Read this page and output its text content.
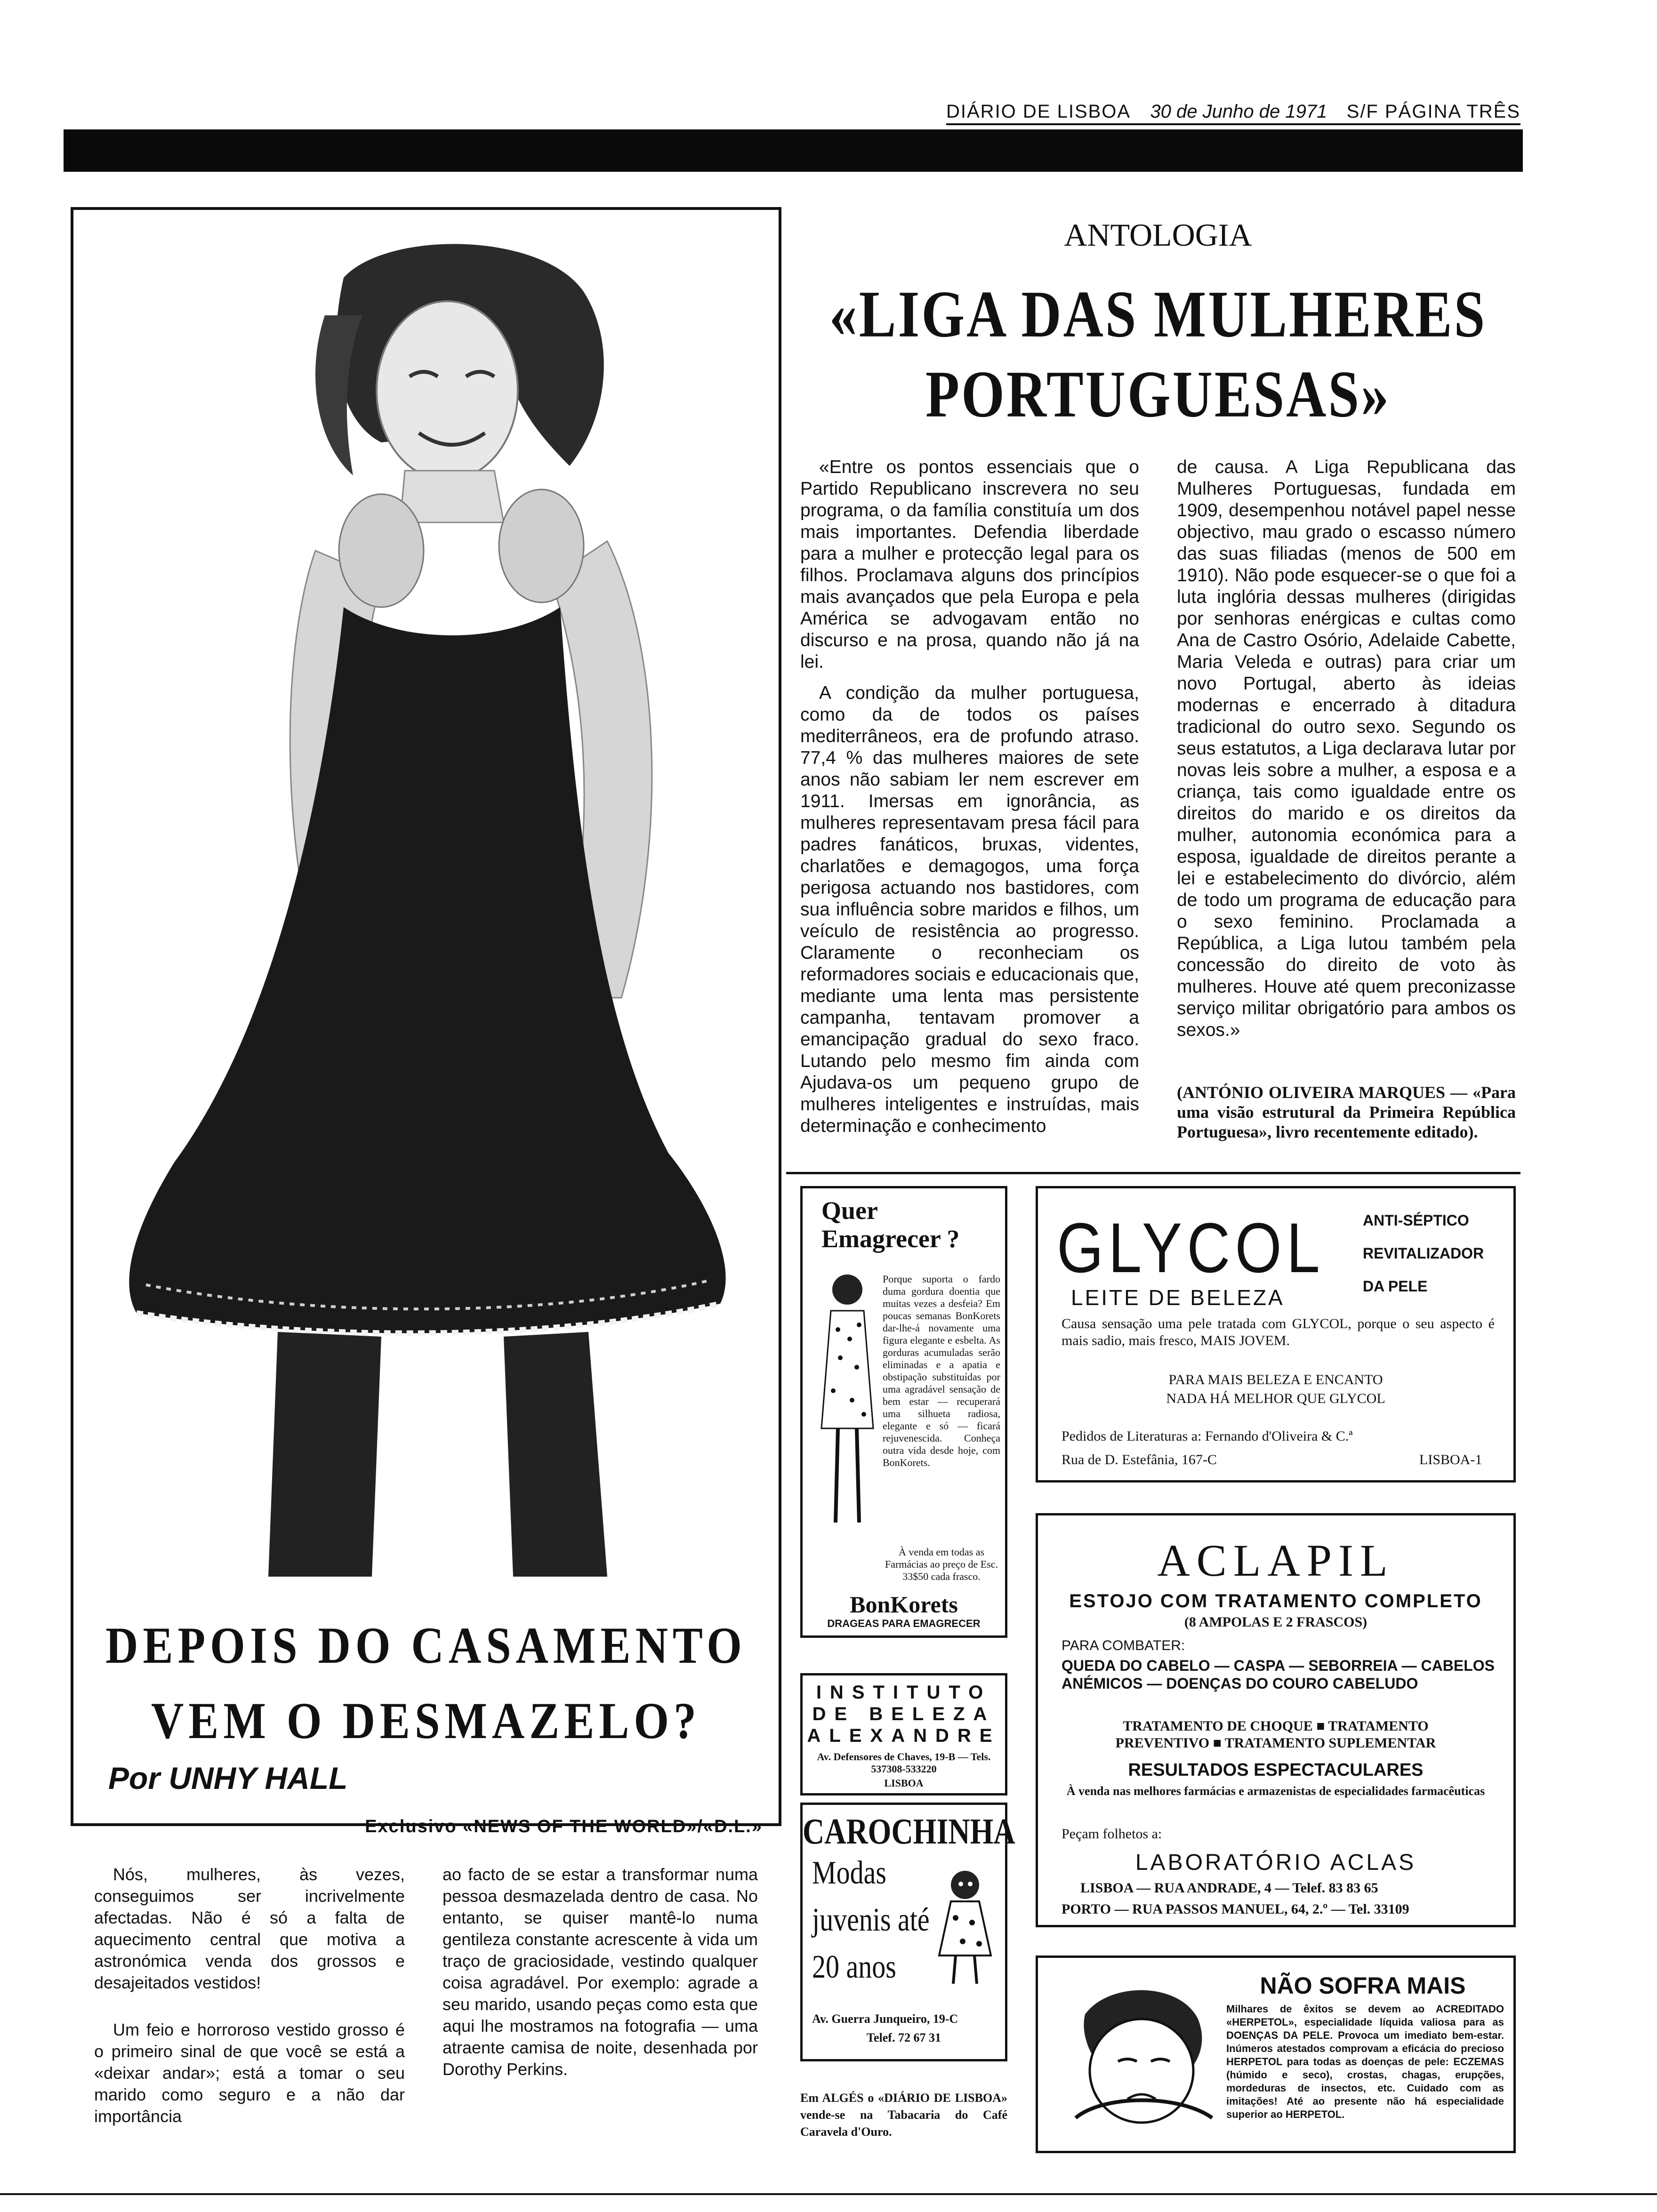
DIÁRIO DE LISBOA 30 de Junho de 1971 S/F PÁGINA TRÊS
DEPOIS DO CASAMENTO
VEM O DESMAZELO?
Por UNHY HALL
Exclusivo «NEWS OF THE WORLD»/«D.L.»
Nós, mulheres, às vezes, conseguimos ser incrivelmente afectadas. Não é só a falta de aquecimento central que motiva a astronómica venda dos grossos e desajeitados vestidos!
Um feio e horroroso vestido grosso é o primeiro sinal de que você se está a «deixar andar»; está a tomar o seu marido como seguro e a não dar importância
ao facto de se estar a transformar numa pessoa desmazelada dentro de casa. No entanto, se quiser mantê-lo numa gentileza constante acrescente à vida um traço de graciosidade, vestindo qualquer coisa agradável. Por exemplo: agrade a seu marido, usando peças como esta que aqui lhe mostramos na fotografia — uma atraente camisa de noite, desenhada por Dorothy Perkins.
ANTOLOGIA
«LIGA DAS MULHERES
PORTUGUESAS»
«Entre os pontos essenciais que o Partido Republicano inscrevera no seu programa, o da família constituía um dos mais importantes. Defendia liberdade para a mulher e protecção legal para os filhos. Proclamava alguns dos princípios mais avançados que pela Europa e pela América se advogavam então no discurso e na prosa, quando não já na lei.
A condição da mulher portuguesa, como da de todos os países mediterrâneos, era de profundo atraso. 77,4 % das mulheres maiores de sete anos não sabiam ler nem escrever em 1911. Imersas em ignorância, as mulheres representavam presa fácil para padres fanáticos, bruxas, videntes, charlatões e demagogos, uma força perigosa actuando nos bastidores, com sua influência sobre maridos e filhos, um veículo de resistência ao progresso. Claramente o reconheciam os reformadores sociais e educacionais que, mediante uma lenta mas persistente campanha, tentavam promover a emancipação gradual do sexo fraco. Lutando pelo mesmo fim ainda com Ajudava-os um pequeno grupo de mulheres inteligentes e instruídas, mais determinação e conhecimento
de causa. A Liga Republicana das Mulheres Portuguesas, fundada em 1909, desempenhou notável papel nesse objectivo, mau grado o escasso número das suas filiadas (menos de 500 em 1910). Não pode esquecer-se o que foi a luta inglória dessas mulheres (dirigidas por senhoras enérgicas e cultas como Ana de Castro Osório, Adelaide Cabette, Maria Veleda e outras) para criar um novo Portugal, aberto às ideias modernas e encerrado à ditadura tradicional do outro sexo. Segundo os seus estatutos, a Liga declarava lutar por novas leis sobre a mulher, a esposa e a criança, tais como igualdade entre os direitos do marido e os direitos da mulher, autonomia económica para a esposa, igualdade de direitos perante a lei e estabelecimento do divórcio, além de todo um programa de educação para o sexo feminino. Proclamada a República, a Liga lutou também pela concessão do direito de voto às mulheres. Houve até quem preconizasse serviço militar obrigatório para ambos os sexos.»
(ANTÓNIO OLIVEIRA MARQUES — «Para uma visão estrutural da Primeira República Portuguesa», livro recentemente editado).
Quer
Emagrecer ?
Porque suporta o fardo duma gordura doentia que muitas vezes a desfeia? Em poucas semanas BonKorets dar-lhe-á novamente uma figura elegante e esbelta. As gorduras acumuladas serão eliminadas e a apatia e obstipação substituídas por uma agradável sensação de bem estar — recuperará uma silhueta radiosa, elegante e só — ficará rejuvenescida. Conheça outra vida desde hoje, com BonKorets.
À venda em todas as Farmácias ao preço de Esc. 33$50 cada frasco.
BonKorets
DRAGEAS PARA EMAGRECER
INSTITUTO
DE BELEZA
ALEXANDRE
Av. Defensores de Chaves, 19-B — Tels. 537308-533220
LISBOA
CAROCHINHA
Modas
juvenis até
20 anos
Av. Guerra Junqueiro, 19-C
Telef. 72 67 31
Em ALGÉS o «DIÁRIO DE LISBOA» vende-se na Tabacaria do Café Caravela d'Ouro.
GLYCOL
LEITE DE BELEZA
ANTI-SÉPTICO
REVITALIZADOR
DA PELE
Causa sensação uma pele tratada com GLYCOL, porque o seu aspecto é mais sadio, mais fresco, MAIS JOVEM.
PARA MAIS BELEZA E ENCANTO
NADA HÁ MELHOR QUE GLYCOL
Pedidos de Literaturas a: Fernando d'Oliveira & C.ª
Rua de D. Estefânia, 167-C	LISBOA-1
ACLAPIL
ESTOJO COM TRATAMENTO COMPLETO
(8 AMPOLAS E 2 FRASCOS)
PARA COMBATER:
QUEDA DO CABELO — CASPA — SEBORREIA — CABELOS ANÉMICOS — DOENÇAS DO COURO CABELUDO
TRATAMENTO DE CHOQUE ■ TRATAMENTO PREVENTIVO ■ TRATAMENTO SUPLEMENTAR
RESULTADOS ESPECTACULARES
À venda nas melhores farmácias e armazenistas de especialidades farmacêuticas
Peçam folhetos a:
LABORATÓRIO ACLAS
LISBOA — RUA ANDRADE, 4 — Telef. 83 83 65
PORTO — RUA PASSOS MANUEL, 64, 2.º — Tel. 33109
NÃO SOFRA MAIS
Milhares de êxitos se devem ao ACREDITADO «HERPETOL», especialidade líquida valiosa para as DOENÇAS DA PELE. Provoca um imediato bem-estar. Inúmeros atestados comprovam a eficácia do precioso HERPETOL para todas as doenças de pele: ECZEMAS (húmido e seco), crostas, chagas, erupções, mordeduras de insectos, etc. Cuidado com as imitações! Até ao presente não há especialidade superior ao HERPETOL.
